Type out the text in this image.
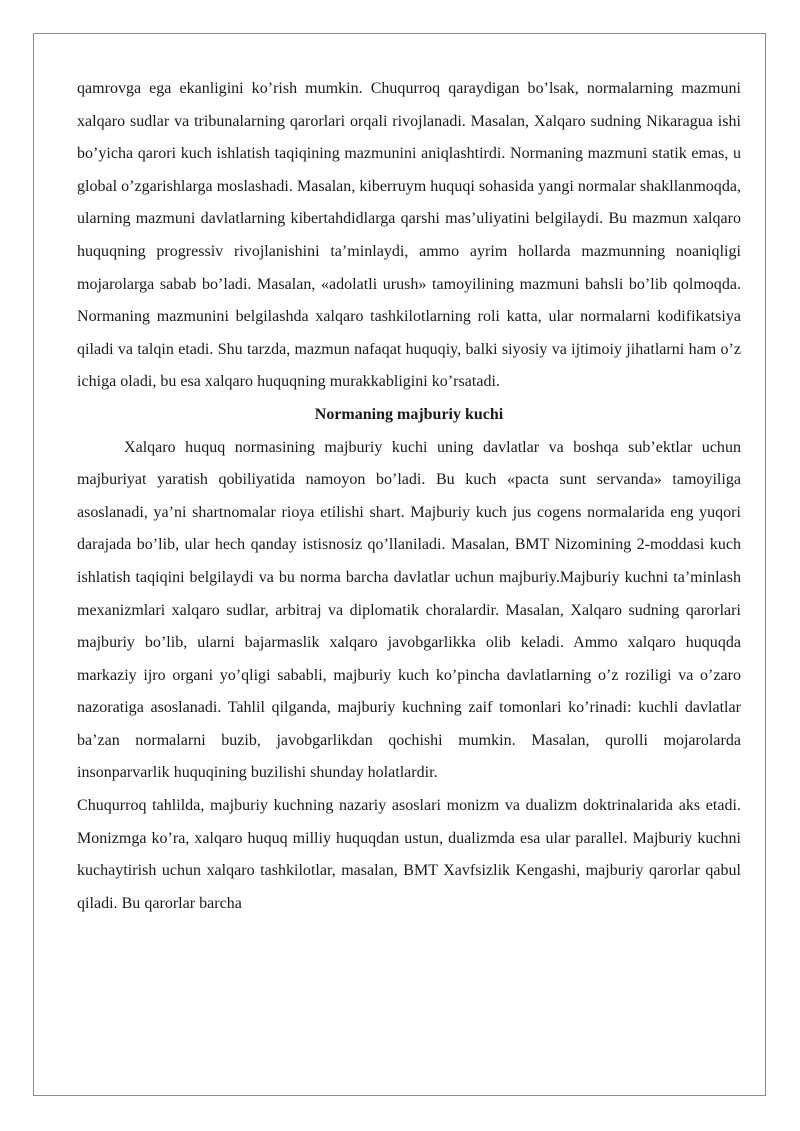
qamrovga ega ekanligini ko’rish mumkin. Chuqurroq qaraydigan bo’lsak, normalarning mazmuni xalqaro sudlar va tribunalarning qarorlari orqali rivojlanadi. Masalan, Xalqaro sudning Nikaragua ishi bo’yicha qarori kuch ishlatish taqiqining mazmunini aniqlashtirdi. Normaning mazmuni statik emas, u global o’zgarishlarga moslashadi. Masalan, kiberruym huquqi sohasida yangi normalar shakllanmoqda, ularning mazmuni davlatlarning kibertahdidlarga qarshi mas’uliyatini belgilaydi. Bu mazmun xalqaro huquqning progressiv rivojlanishini ta’minlaydi, ammo ayrim hollarda mazmunning noaniqligi mojarolarga sabab bo’ladi. Masalan, «adolatli urush» tamoyilining mazmuni bahsli bo’lib qolmoqda. Normaning mazmunini belgilashda xalqaro tashkilotlarning roli katta, ular normalarni kodifikatsiya qiladi va talqin etadi. Shu tarzda, mazmun nafaqat huquqiy, balki siyosiy va ijtimoiy jihatlarni ham o’z ichiga oladi, bu esa xalqaro huquqning murakkabligini ko’rsatadi.

Normaning majburiy kuchi

Xalqaro huquq normasining majburiy kuchi uning davlatlar va boshqa sub’ektlar uchun majburiyat yaratish qobiliyatida namoyon bo’ladi. Bu kuch «pacta sunt servanda» tamoyiliga asoslanadi, ya’ni shartnomalar rioya etilishi shart. Majburiy kuch jus cogens normalarida eng yuqori darajada bo’lib, ular hech qanday istisnosiz qo’llaniladi. Masalan, BMT Nizomining 2-moddasi kuch ishlatish taqiqini belgilaydi va bu norma barcha davlatlar uchun majburiy.Majburiy kuchni ta’minlash mexanizmlari xalqaro sudlar, arbitraj va diplomatik choralardir. Masalan, Xalqaro sudning qarorlari majburiy bo’lib, ularni bajarmaslik xalqaro javobgarlikka olib keladi. Ammo xalqaro huquqda markaziy ijro organi yo’qligi sababli, majburiy kuch ko’pincha davlatlarning o’z roziligi va o’zaro nazoratiga asoslanadi. Tahlil qilganda, majburiy kuchning zaif tomonlari ko’rinadi: kuchli davlatlar ba’zan normalarni buzib, javobgarlikdan qochishi mumkin. Masalan, qurolli mojarolarda insonparvarlik huquqining buzilishi shunday holatlardir.

Chuqurroq tahlilda, majburiy kuchning nazariy asoslari monizm va dualizm doktrinalarida aks etadi. Monizmga ko’ra, xalqaro huquq milliy huquqdan ustun, dualizmda esa ular parallel. Majburiy kuchni kuchaytirish uchun xalqaro tashkilotlar, masalan, BMT Xavfsizlik Kengashi, majburiy qarorlar qabul qiladi. Bu qarorlar barcha
